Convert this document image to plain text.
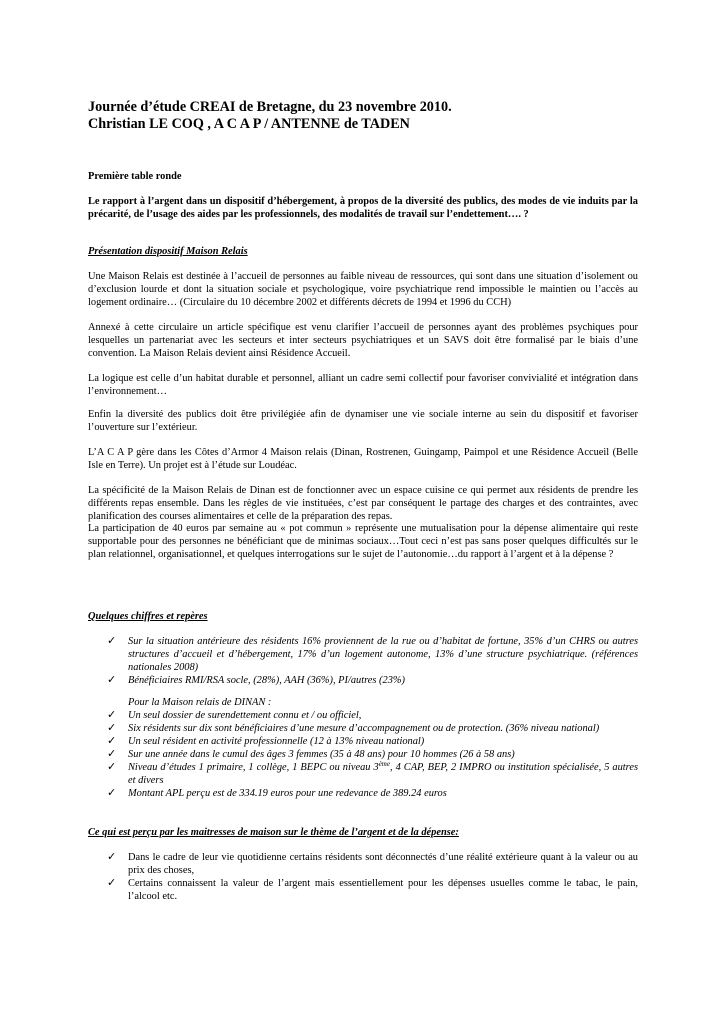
Journée d’étude CREAI de Bretagne, du 23 novembre 2010.
Christian LE COQ , A C A P / ANTENNE de TADEN
Première table ronde
Le rapport à l’argent dans un dispositif d’hébergement, à propos de la diversité des publics, des modes de vie induits par la précarité, de l’usage des aides par les professionnels, des modalités de travail sur l’endettement…. ?
Présentation dispositif Maison Relais

Une Maison Relais est destinée à l’accueil de personnes au faible niveau de ressources, qui sont dans une situation d’isolement ou d’exclusion lourde et dont la situation sociale et psychologique, voire psychiatrique rend impossible le maintien ou l’accès au logement ordinaire… (Circulaire du 10 décembre 2002 et différents décrets de 1994 et 1996 du CCH)

Annexé à cette circulaire un article spécifique est venu clarifier l’accueil de personnes ayant des problèmes psychiques pour lesquelles un partenariat avec les secteurs et inter secteurs psychiatriques et un SAVS doit être formalisé par le biais d’une convention. La Maison Relais devient ainsi Résidence Accueil.

La logique est celle d’un habitat durable et personnel, alliant un cadre semi collectif pour favoriser convivialité et intégration dans l’environnement…

Enfin la diversité des publics doit être privilégiée afin de dynamiser une vie sociale interne au sein du dispositif et favoriser l’ouverture sur l’extérieur.

L’A C A P gère dans les Côtes d’Armor 4 Maison relais (Dinan, Rostrenen, Guingamp, Paimpol et une Résidence Accueil (Belle Isle en Terre). Un projet est à l’étude sur Loudéac.

La spécificité de la Maison Relais de Dinan est de fonctionner avec un espace cuisine ce qui permet aux résidents de prendre les différents repas ensemble. Dans les règles de vie instituées, c’est par conséquent le partage des charges et des contraintes, avec planification des courses alimentaires et celle de la préparation des repas.

La participation de 40 euros par semaine au « pot commun » représente une mutualisation pour la dépense alimentaire qui reste supportable pour des personnes ne bénéficiant que de minimas sociaux…Tout ceci n’est pas sans poser quelques difficultés sur le plan relationnel, organisationnel, et quelques interrogations sur le sujet de l’autonomie…du rapport à l’argent et à la dépense ?

Quelques chiffres et repères
✓ Sur la situation antérieure des résidents 16% proviennent de la rue ou d’habitat de fortune, 35% d’un CHRS ou autres structures d’accueil et d’hébergement, 17% d’un logement autonome, 13% d’une structure psychiatrique. (références nationales 2008)
✓ Bénéficiaires RMI/RSA socle, (28%), AAH (36%), PI/autres (23%)
Pour la Maison relais de DINAN :
✓ Un seul dossier de surendettement connu et / ou officiel,
✓ Six résidents sur dix sont bénéficiaires d’une mesure d’accompagnement ou de protection. (36% niveau national)
✓ Un seul résident en activité professionnelle (12 à 13% niveau national)
✓ Sur une année dans le cumul des âges 3 femmes (35 à 48 ans) pour 10 hommes (26 à 58 ans)
✓ Niveau d’études 1 primaire, 1 collège, 1 BEPC ou niveau 3ème, 4 CAP, BEP, 2 IMPRO ou institution spécialisée, 5 autres et divers
✓ Montant APL perçu est de 334.19 euros pour une redevance de 389.24 euros
Ce qui est perçu par les maitresses de maison sur le thème de l’argent et de la dépense:
✓ Dans le cadre de leur vie quotidienne certains résidents sont déconnectés d’une réalité extérieure quant à la valeur ou au prix des choses,
✓ Certains connaissent la valeur de l’argent mais essentiellement pour les dépenses usuelles comme le tabac, le pain, l’alcool etc.
